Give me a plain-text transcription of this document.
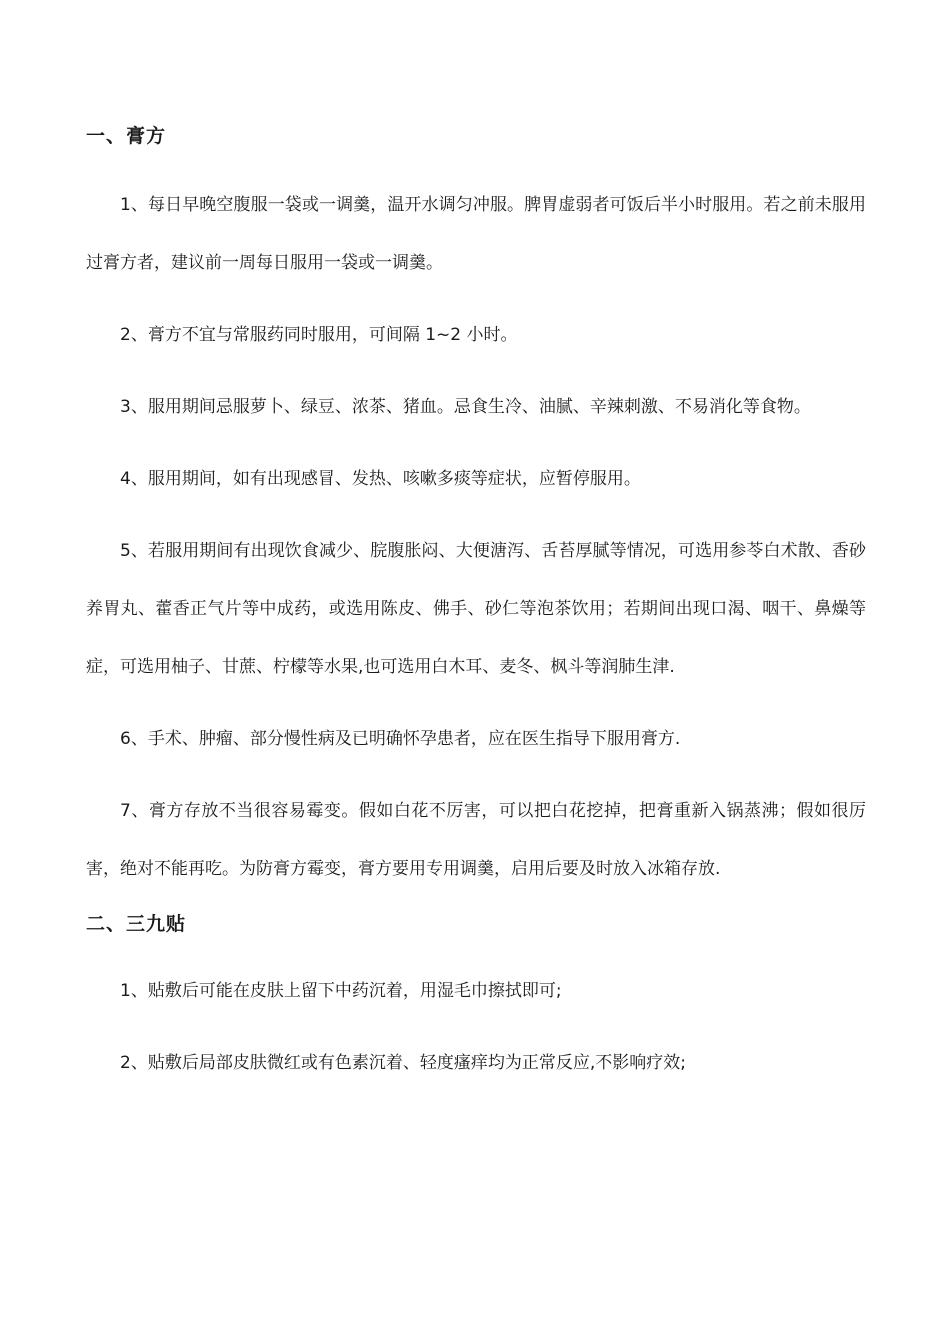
一、膏方

1、每日早晚空腹服一袋或一调羹，温开水调匀冲服。脾胃虚弱者可饭后半小时服用。若之前未服用过膏方者，建议前一周每日服用一袋或一调羹。

2、膏方不宜与常服药同时服用，可间隔 1~2 小时。

3、服用期间忌服萝卜、绿豆、浓茶、猪血。忌食生冷、油腻、辛辣刺激、不易消化等食物。

4、服用期间，如有出现感冒、发热、咳嗽多痰等症状，应暂停服用。

5、若服用期间有出现饮食减少、脘腹胀闷、大便溏泻、舌苔厚腻等情况，可选用参苓白术散、香砂养胃丸、藿香正气片等中成药，或选用陈皮、佛手、砂仁等泡茶饮用；若期间出现口渴、咽干、鼻燥等症，可选用柚子、甘蔗、柠檬等水果,也可选用白木耳、麦冬、枫斗等润肺生津.

6、手术、肿瘤、部分慢性病及已明确怀孕患者，应在医生指导下服用膏方.

7、膏方存放不当很容易霉变。假如白花不厉害，可以把白花挖掉，把膏重新入锅蒸沸；假如很厉害，绝对不能再吃。为防膏方霉变，膏方要用专用调羹，启用后要及时放入冰箱存放.

二、三九贴

1、贴敷后可能在皮肤上留下中药沉着，用湿毛巾擦拭即可;

2、贴敷后局部皮肤微红或有色素沉着、轻度瘙痒均为正常反应,不影响疗效;
